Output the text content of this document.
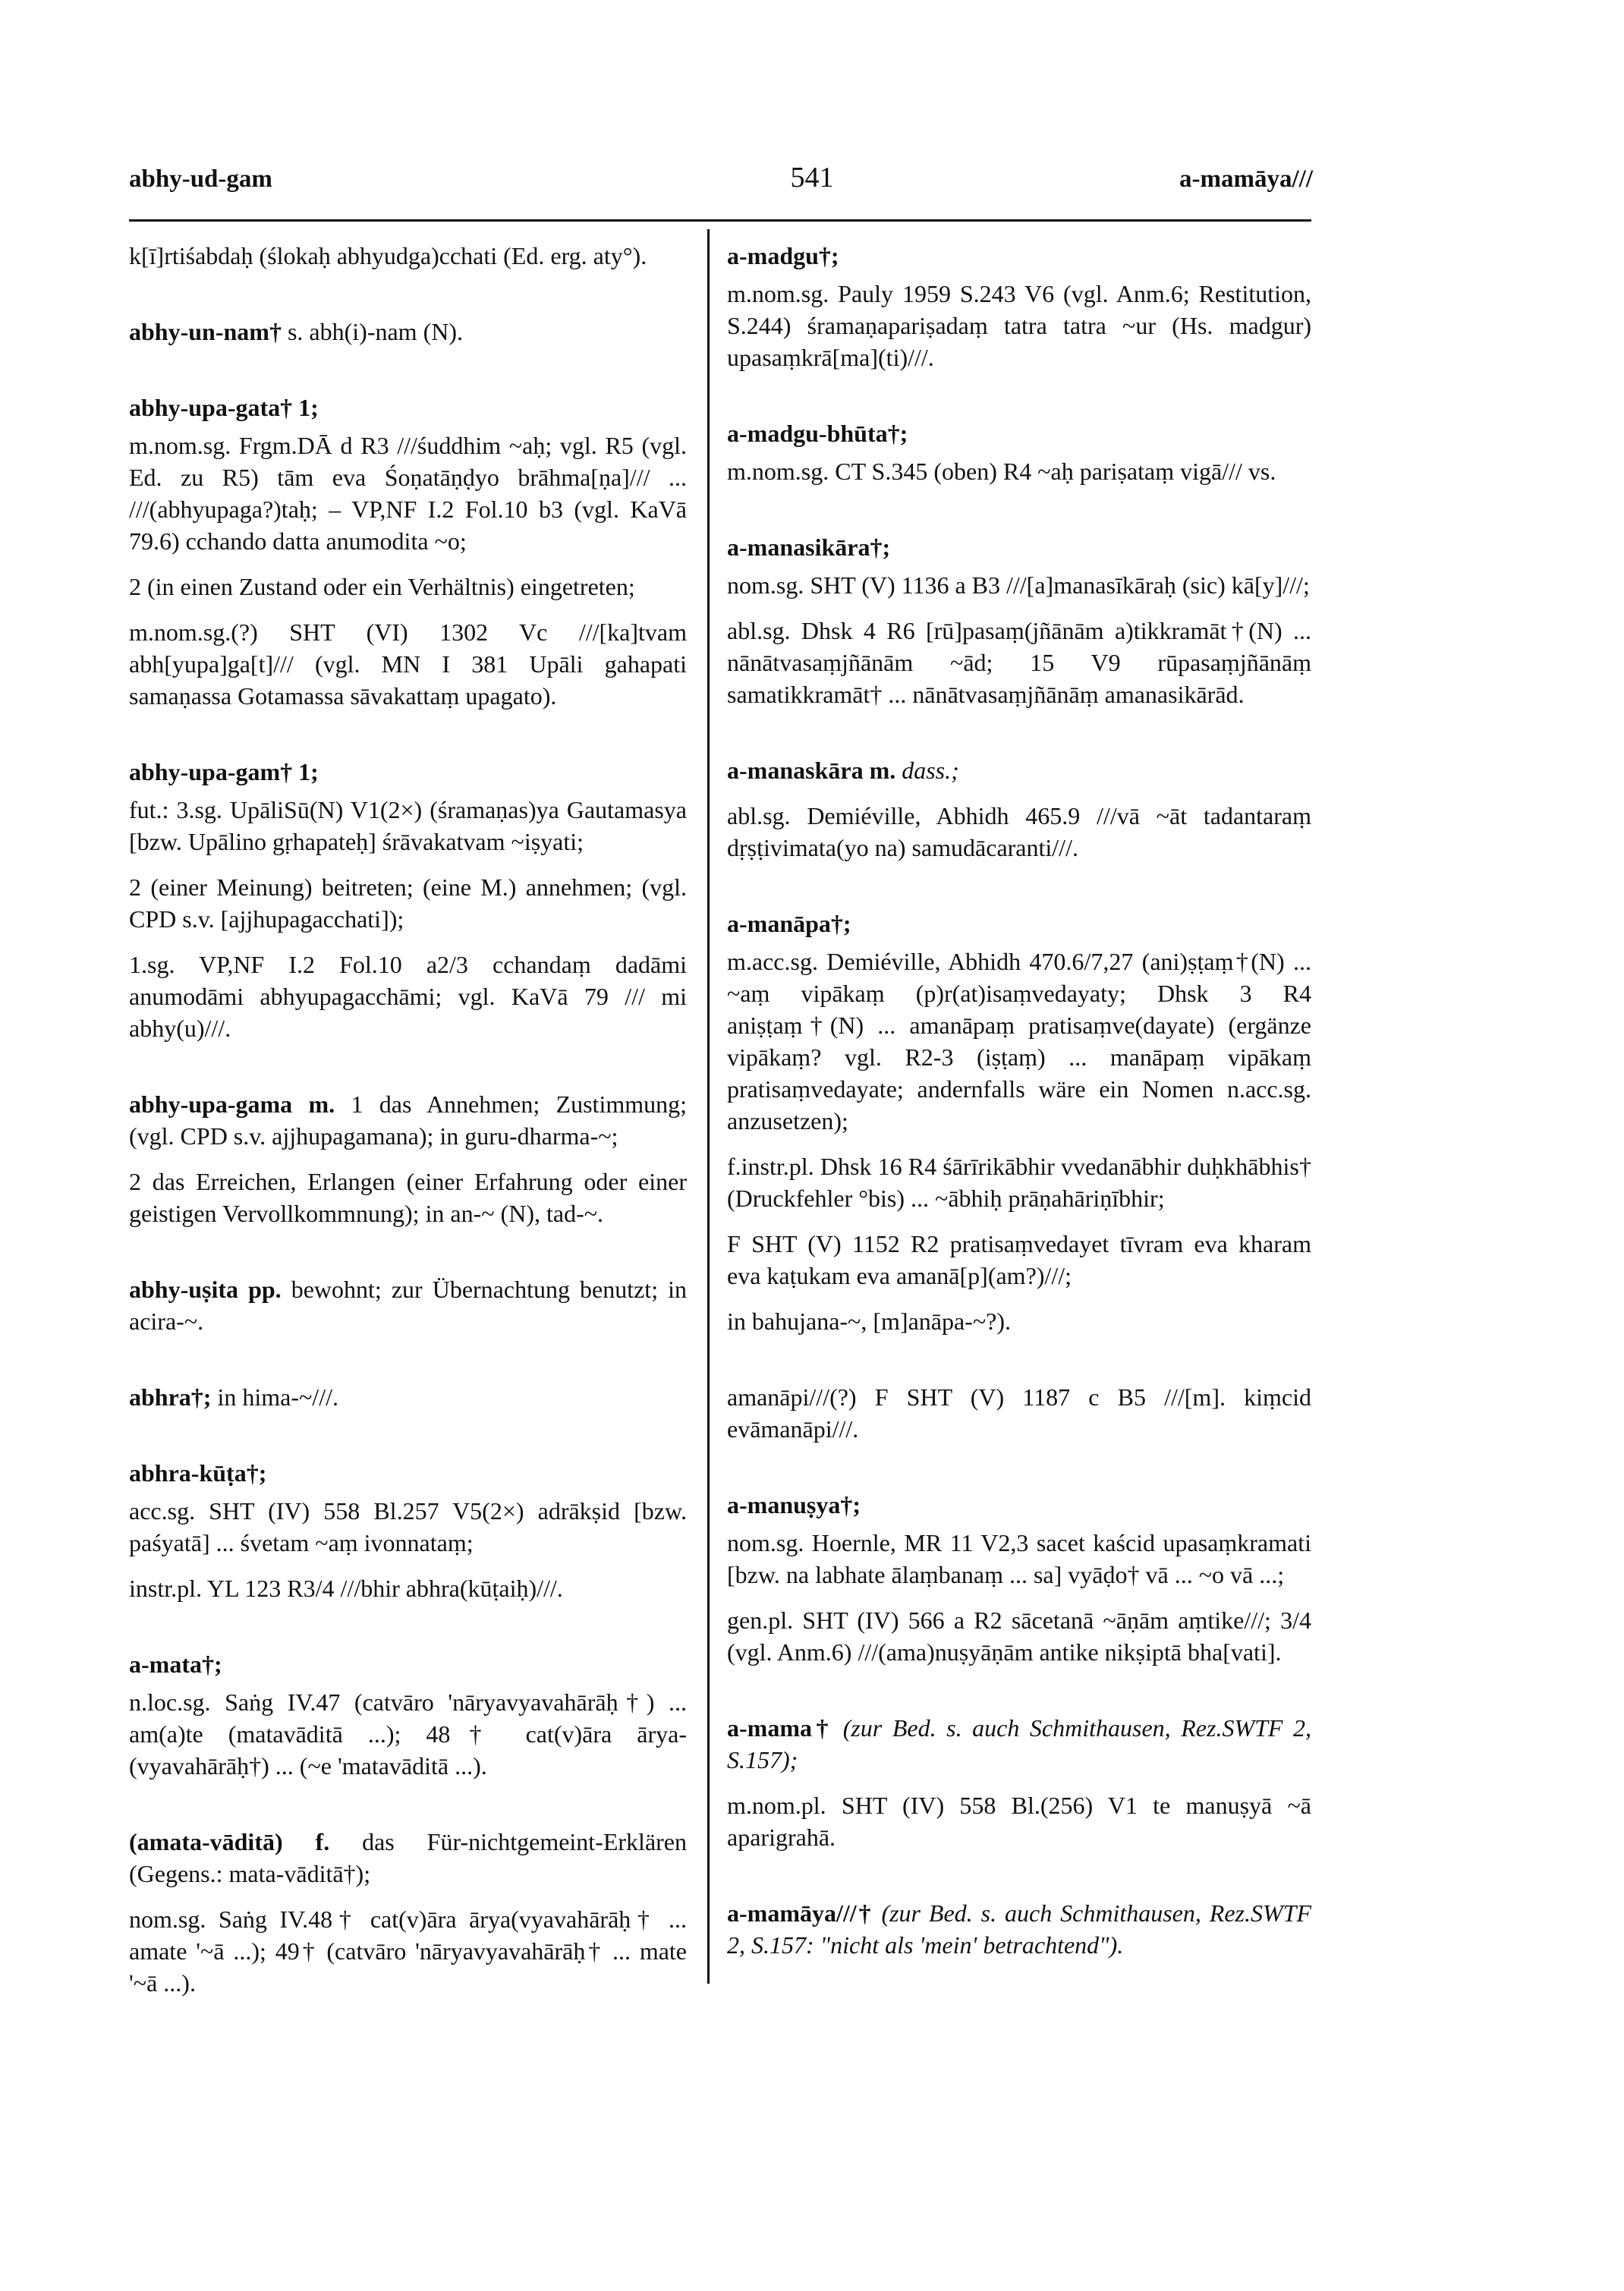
abhy-ud-gam	541	a-mamāya///

k[ī]rtiśabdaḥ (ślokaḥ abhyudga)cchati (Ed. erg. aty°).

abhy-un-nam† s. abh(i)-nam (N).

abhy-upa-gata† 1;

m.nom.sg. Frgm.DĀ d R3 ///śuddhim ~aḥ; vgl. R5 (vgl. Ed. zu R5) tām eva Śoṇatāṇḍyo brāhma[ṇa]/// ... ///(abhyupaga?)taḥ; – VP,NF I.2 Fol.10 b3 (vgl. KaVā 79.6) cchando datta anumodita ~o;

2 (in einen Zustand oder ein Verhältnis) eingetreten;

m.nom.sg.(?) SHT (VI) 1302 Vc ///[ka]tvam abh[yupa]ga[t]/// (vgl. MN I 381 Upāli gahapati samaṇassa Gotamassa sāvakattaṃ upagato).

abhy-upa-gam† 1;

fut.: 3.sg. UpāliSū(N) V1(2×) (śramaṇas)ya Gautamasya [bzw. Upālino gṛhapateḥ] śrāvakatvam ~iṣyati;

2 (einer Meinung) beitreten; (eine M.) annehmen; (vgl. CPD s.v. [ajjhupagacchati]);

1.sg. VP,NF I.2 Fol.10 a2/3 cchandaṃ dadāmi anumodāmi abhyupagacchāmi; vgl. KaVā 79 /// mi abhy(u)///.

abhy-upa-gama m. 1 das Annehmen; Zustimmung; (vgl. CPD s.v. ajjhupagamana); in guru-dharma-~;

2 das Erreichen, Erlangen (einer Erfahrung oder einer geistigen Vervollkommnung); in an-~ (N), tad-~.

abhy-uṣita pp. bewohnt; zur Übernachtung benutzt; in acira-~.

abhra†; in hima-~///.

abhra-kūṭa†;

acc.sg. SHT (IV) 558 Bl.257 V5(2×) adrākṣid [bzw. paśyatā] ... śvetam ~aṃ ivonnataṃ;

instr.pl. YL 123 R3/4 ///bhir abhra(kūṭaiḥ)///.

a-mata†;

n.loc.sg. Saṅg IV.47 (catvāro 'nāryavyavahārāḥ†) ... am(a)te (matavāditā ...); 48† cat(v)āra ārya-(vyavahārāḥ†) ... (~e 'matavāditā ...).

(amata-vāditā) f. das Für-nichtgemeint-Erklären (Gegens.: mata-vāditā†);

nom.sg. Saṅg IV.48† cat(v)āra ārya(vyavahārāḥ† ... amate '~ā ...); 49† (catvāro 'nāryavyavahārāḥ† ... mate '~ā ...).

a-madgu†;

m.nom.sg. Pauly 1959 S.243 V6 (vgl. Anm.6; Restitution, S.244) śramaṇapariṣadaṃ tatra tatra ~ur (Hs. madgur) upasaṃkrā[ma](ti)///.

a-madgu-bhūta†;

m.nom.sg. CT S.345 (oben) R4 ~aḥ pariṣataṃ vigā/// vs.

a-manasikāra†;

nom.sg. SHT (V) 1136 a B3 ///[a]manasīkāraḥ (sic) kā[y]///;

abl.sg. Dhsk 4 R6 [rū]pasaṃ(jñānām a)tikkramāt†(N) ... nānātvasaṃjñānām ~ād; 15 V9 rūpasaṃjñānāṃ samatikkramāt† ... nānātvasaṃjñānāṃ amanasikārād.

a-manaskāra m. dass.;

abl.sg. Demiéville, Abhidh 465.9 ///vā ~āt tadantaraṃ dṛṣṭivimata(yo na) samudācaranti///.

a-manāpa†;

m.acc.sg. Demiéville, Abhidh 470.6/7,27 (ani)ṣṭaṃ†(N) ... ~aṃ vipākaṃ (p)r(at)isaṃvedayaty; Dhsk 3 R4 aniṣṭaṃ†(N) ... amanāpaṃ pratisaṃve(dayate) (ergänze vipākaṃ? vgl. R2-3 (iṣṭaṃ) ... manāpaṃ vipākaṃ pratisaṃvedayate; andernfalls wäre ein Nomen n.acc.sg. anzusetzen);

f.instr.pl. Dhsk 16 R4 śārīrikābhir vvedanābhir duḥkhābhis† (Druckfehler °bis) ... ~ābhiḥ prāṇahāriṇībhir;

F SHT (V) 1152 R2 pratisaṃvedayet tīvram eva kharam eva kaṭukam eva amanā[p](am?)///;

in bahujana-~, [m]anāpa-~?).

amanāpi///(?) F SHT (V) 1187 c B5 ///[m]. kiṃcid evāmanāpi///.

a-manuṣya†;

nom.sg. Hoernle, MR 11 V2,3 sacet kaścid upasaṃkramati [bzw. na labhate ālaṃbanaṃ ... sa] vyāḍo† vā ... ~o vā ...;

gen.pl. SHT (IV) 566 a R2 sācetanā ~āṇām aṃtike///; 3/4 (vgl. Anm.6) ///(ama)nuṣyāṇām antike nikṣiptā bha[vati].

a-mama† (zur Bed. s. auch Schmithausen, Rez.SWTF 2, S.157);

m.nom.pl. SHT (IV) 558 Bl.(256) V1 te manuṣyā ~ā aparigrahā.

a-mamāya///† (zur Bed. s. auch Schmithausen, Rez.SWTF 2, S.157: "nicht als 'mein' betrachtend").
